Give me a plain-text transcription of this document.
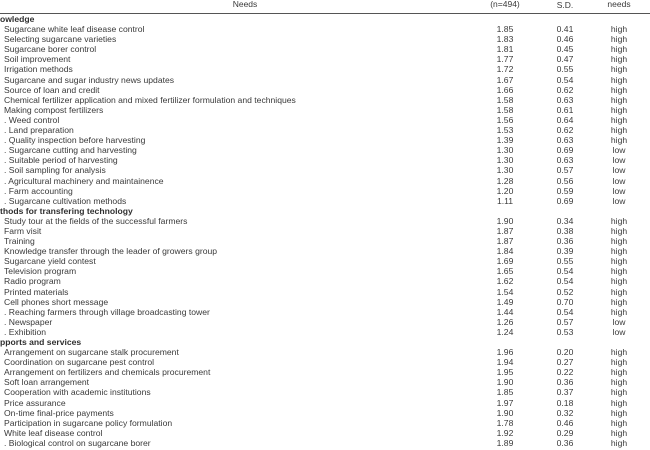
Needs	(n=494)	S.D.	needs
owledge
Sugarcane white leaf disease control	1.85	0.41	high
Selecting sugarcane varieties	1.83	0.46	high
Sugarcane borer control	1.81	0.45	high
Soil improvement	1.77	0.47	high
Irrigation methods	1.72	0.55	high
Sugarcane and sugar industry news updates	1.67	0.54	high
Source of loan and credit	1.66	0.62	high
Chemical fertilizer application and mixed fertilizer formulation and techniques	1.58	0.63	high
Making compost fertilizers	1.58	0.61	high
. Weed control	1.56	0.64	high
. Land preparation	1.53	0.62	high
. Quality inspection before harvesting	1.39	0.63	high
. Sugarcane cutting and harvesting	1.30	0.69	low
. Suitable period of harvesting	1.30	0.63	low
. Soil sampling for analysis	1.30	0.57	low
. Agricultural machinery and maintainence	1.28	0.56	low
. Farm accounting	1.20	0.59	low
. Sugarcane cultivation methods	1.11	0.69	low
thods for transfering technology
Study tour at the fields of the successful farmers	1.90	0.34	high
Farm visit	1.87	0.38	high
Training	1.87	0.36	high
Knowledge transfer through the leader of growers group	1.84	0.39	high
Sugarcane yield contest	1.69	0.55	high
Television program	1.65	0.54	high
Radio program	1.62	0.54	high
Printed materials	1.54	0.52	high
Cell phones short message	1.49	0.70	high
. Reaching farmers through village broadcasting tower	1.44	0.54	high
. Newspaper	1.26	0.57	low
. Exhibition	1.24	0.53	low
pports and services
Arrangement on sugarcane stalk procurement	1.96	0.20	high
Coordination on sugarcane pest control	1.94	0.27	high
Arrangement on fertilizers and chemicals procurement	1.95	0.22	high
Soft loan arrangement	1.90	0.36	high
Cooperation with academic institutions	1.85	0.37	high
Price assurance	1.97	0.18	high
On-time final-price payments	1.90	0.32	high
Participation in sugarcane policy formulation	1.78	0.46	high
White leaf disease control	1.92	0.29	high
. Biological control on sugarcane borer	1.89	0.36	high
